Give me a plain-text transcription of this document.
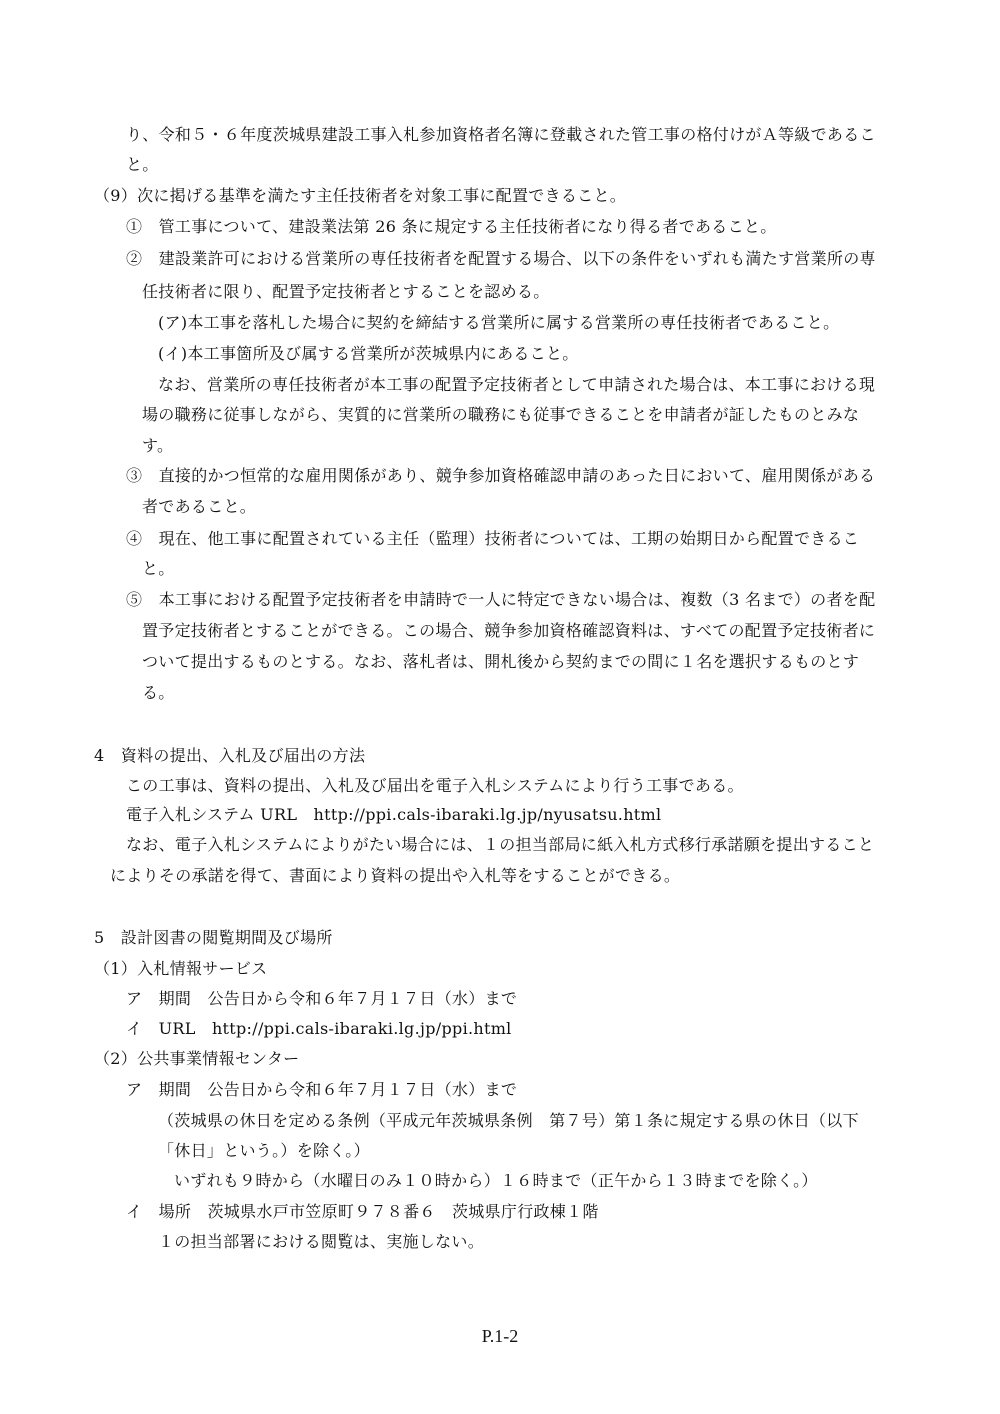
り、令和５・６年度茨城県建設工事入札参加資格者名簿に登載された管工事の格付けがＡ等級であるこ
と。
（9）次に掲げる基準を満たす主任技術者を対象工事に配置できること。
①　管工事について、建設業法第 26 条に規定する主任技術者になり得る者であること。
②　建設業許可における営業所の専任技術者を配置する場合、以下の条件をいずれも満たす営業所の専
任技術者に限り、配置予定技術者とすることを認める。
(ア)本工事を落札した場合に契約を締結する営業所に属する営業所の専任技術者であること。
(イ)本工事箇所及び属する営業所が茨城県内にあること。
なお、営業所の専任技術者が本工事の配置予定技術者として申請された場合は、本工事における現
場の職務に従事しながら、実質的に営業所の職務にも従事できることを申請者が証したものとみな
す。
③　直接的かつ恒常的な雇用関係があり、競争参加資格確認申請のあった日において、雇用関係がある
者であること。
④　現在、他工事に配置されている主任（監理）技術者については、工期の始期日から配置できるこ
と。
⑤　本工事における配置予定技術者を申請時で一人に特定できない場合は、複数（3 名まで）の者を配
置予定技術者とすることができる。この場合、競争参加資格確認資料は、すべての配置予定技術者に
ついて提出するものとする。なお、落札者は、開札後から契約までの間に１名を選択するものとす
る。
4　資料の提出、入札及び届出の方法
この工事は、資料の提出、入札及び届出を電子入札システムにより行う工事である。
電子入札システム URL　http://ppi.cals-ibaraki.lg.jp/nyusatsu.html
なお、電子入札システムによりがたい場合には、１の担当部局に紙入札方式移行承諾願を提出すること
によりその承諾を得て、書面により資料の提出や入札等をすることができる。
5　設計図書の閲覧期間及び場所
（1）入札情報サービス
ア　期間　公告日から令和６年７月１７日（水）まで
イ　URL　http://ppi.cals-ibaraki.lg.jp/ppi.html
（2）公共事業情報センター
ア　期間　公告日から令和６年７月１７日（水）まで
（茨城県の休日を定める条例（平成元年茨城県条例　第７号）第１条に規定する県の休日（以下
「休日」という。）を除く。）
いずれも９時から（水曜日のみ１０時から）１６時まで（正午から１３時までを除く。）
イ　場所　茨城県水戸市笠原町９７８番６　茨城県庁行政棟１階
１の担当部署における閲覧は、実施しない。
P.1-2
